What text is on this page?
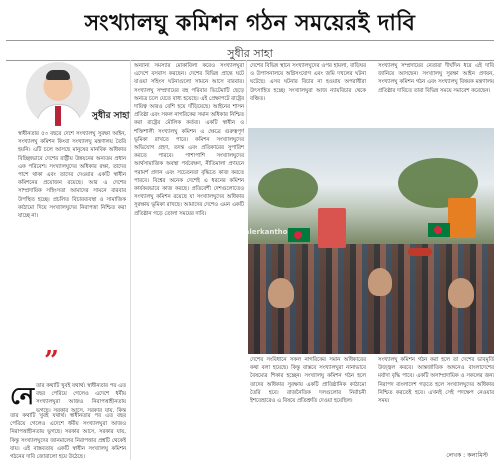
সংখ্যালঘু কমিশন গঠন সময়েরই দাবি
সুধীর সাহা
সুধীর সাহা

স্বাধীনতার ৫৩ বছরে দেশে সংখ্যালঘু সুরক্ষা আইন, সংখ্যালঘু কমিশন কিংবা সংখ্যালঘু মন্ত্রণালয় তৈরি হয়নি। এটি চলে আসছে মানুষের মানবিক অধিকার বিচ্ছিন্নভাবে দেশের রাষ্ট্রীয় উন্নয়নের অন্যতম প্রধান এক পরিবেশ। সংখ্যালঘুদের অধিকার রক্ষা, তাদের পাশে থাকা এবং তাদের দেওয়ার একটি স্বাধীন কমিশনের প্রয়োজন রয়েছে। আর এ দেশের সাম্প্রদায়িক সহিংসতা আমাদের সামনে বারবার উপস্থিত হচ্ছে। প্রচলিত বিচারব্যবস্থা ও সামাজিক কাঠামো দিয়ে সংখ্যালঘুদের নিরাপত্তা নিশ্চিত করা যাচ্ছে না।

”
নে তার কথাটি খুবই যথার্থ। স্বাধীনতার পর এত বছর পেরিয়ে গেলেও এদেশে ধর্মীয় সংখ্যালঘুরা আজও নিরাপত্তাহীনতায় ভুগছে। সরকার আসে, সরকার যায়, কিন্তু

তার কথাটি খুবই যথার্থ। স্বাধীনতার পর এত বছর পেরিয়ে গেলেও এদেশে ধর্মীয় সংখ্যালঘুরা আজও নিরাপত্তাহীনতায় ভুগছে। সরকার আসে, সরকার যায়, কিন্তু সংখ্যালঘুদের জানমালের নিরাপত্তার প্রশ্নটি থেকেই যায়। এই বাস্তবতায় একটি স্বাধীন সংখ্যালঘু কমিশন গঠনের দাবি জোরালো হয়ে উঠেছে।

অন্যান্য সমস্যার মোকাবিলা করেও সংখ্যালঘুরা এদেশে বসবাস করছেন। দেশের বিভিন্ন প্রান্তে ঘটে যাওয়া সহিংস ঘটনাগুলো সামনে আসে বারবার। সংখ্যালঘু সম্প্রদায়ের বহু পরিবার ভিটেমাটি ছেড়ে অন্যত্র চলে যেতে বাধ্য হয়েছে। এই প্রেক্ষাপটে রাষ্ট্রের দায়িত্ব আরও বেশি হয়ে দাঁড়িয়েছে। আইনের শাসন প্রতিষ্ঠা এবং সকল নাগরিকের সমান অধিকার নিশ্চিত করা রাষ্ট্রের মৌলিক কর্তব্য। একটি স্বাধীন ও শক্তিশালী সংখ্যালঘু কমিশন এ ক্ষেত্রে গুরুত্বপূর্ণ ভূমিকা রাখতে পারে। কমিশন সংখ্যালঘুদের অভিযোগ গ্রহণ, তদন্ত এবং প্রতিকারের সুপারিশ করতে পারবে। পাশাপাশি সংখ্যালঘুদের আর্থসামাজিক অবস্থা পর্যবেক্ষণ, নীতিমালা প্রণয়নে পরামর্শ প্রদান এবং সচেতনতা বৃদ্ধিতে কাজ করতে পারবে। বিশ্বের অনেক দেশেই এ ধরনের কমিশন কার্যকরভাবে কাজ করছে। প্রতিবেশী দেশগুলোতেও সংখ্যালঘু কমিশন রয়েছে যা সংখ্যালঘুদের অধিকার সুরক্ষায় ভূমিকা রাখছে। আমাদের দেশেও এমন একটি প্রতিষ্ঠান গড়ে তোলা সময়ের দাবি।

দেশের বিভিন্ন স্থানে সংখ্যালঘুদের ওপর হামলা, বাড়িঘর ও উপাসনালয়ে অগ্নিসংযোগ এবং জমি দখলের ঘটনা ঘটেছে। এসব ঘটনার বিচার না হওয়ায় অপরাধীরা উৎসাহিত হচ্ছে। সংখ্যালঘুরা আজ ন্যায়বিচার থেকে বঞ্চিত।

সংখ্যালঘু সম্প্রদায়ের নেতারা দীর্ঘদিন ধরে এই দাবি জানিয়ে আসছেন। সংখ্যালঘু সুরক্ষা আইন প্রণয়ন, সংখ্যালঘু কমিশন গঠন এবং সংখ্যালঘু বিষয়ক মন্ত্রণালয় প্রতিষ্ঠার দাবিতে তারা বিভিন্ন সময়ে সমাবেশ করেছেন।

kalerkantho

দেশের সংবিধানে সকল নাগরিকের সমান অধিকারের কথা বলা হয়েছে। কিন্তু বাস্তবে সংখ্যালঘুরা নানাভাবে বৈষম্যের শিকার হচ্ছেন। সংখ্যালঘু কমিশন গঠন হলে তাদের অধিকার সুরক্ষায় একটি প্রাতিষ্ঠানিক কাঠামো তৈরি হবে। রাজনৈতিক দলগুলোর নির্বাচনী ইশতেহারেও এ বিষয়ে প্রতিশ্রুতি দেওয়া হয়েছিল।

সংখ্যালঘু কমিশন গঠন করা হলে তা দেশের ভাবমূর্তি উজ্জ্বল করবে। আন্তর্জাতিক অঙ্গনেও বাংলাদেশের মর্যাদা বৃদ্ধি পাবে। একটি অসাম্প্রদায়িক ও সকলের জন্য নিরাপদ বাংলাদেশ গড়তে হলে সংখ্যালঘুদের অধিকার নিশ্চিত করতেই হবে। এখনই সেই পদক্ষেপ নেওয়ার সময়।

লেখক : কলামিস্ট
